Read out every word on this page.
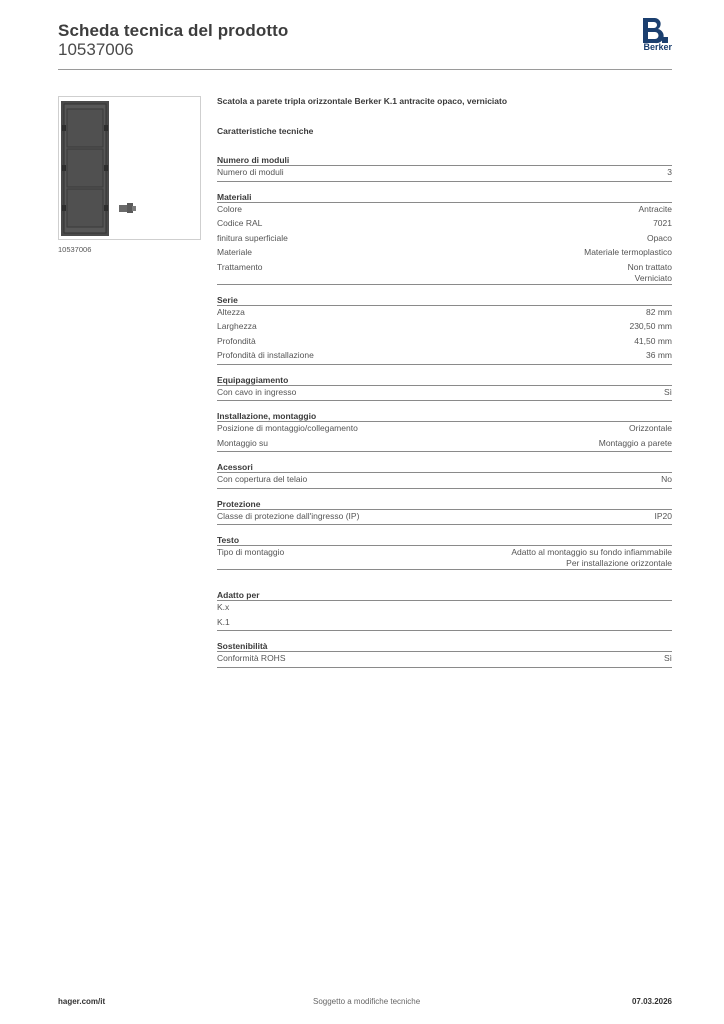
Scheda tecnica del prodotto
10537006	Berker
10537006
Scatola a parete tripla orizzontale Berker K.1 antracite opaco, verniciato
Caratteristiche tecniche
Numero di moduli
Numero di moduli	3
Materiali
Colore	Antracite
Codice RAL	7021
finitura superficiale	Opaco
Materiale	Materiale termoplastico
Trattamento	Non trattato
Verniciato
Serie
Altezza	82 mm
Larghezza	230,50 mm
Profondità	41,50 mm
Profondità di installazione	36 mm
Equipaggiamento
Con cavo in ingresso	Sì
Installazione, montaggio
Posizione di montaggio/collegamento	Orizzontale
Montaggio su	Montaggio a parete
Acessori
Con copertura del telaio	No
Protezione
Classe di protezione dall'ingresso (IP)	IP20
Testo
Tipo di montaggio	Adatto al montaggio su fondo infiammabile
Per installazione orizzontale
Adatto per
K.x
K.1
Sostenibilità
Conformità ROHS	Sì
hager.com/it	Soggetto a modifiche tecniche	07.03.2026
